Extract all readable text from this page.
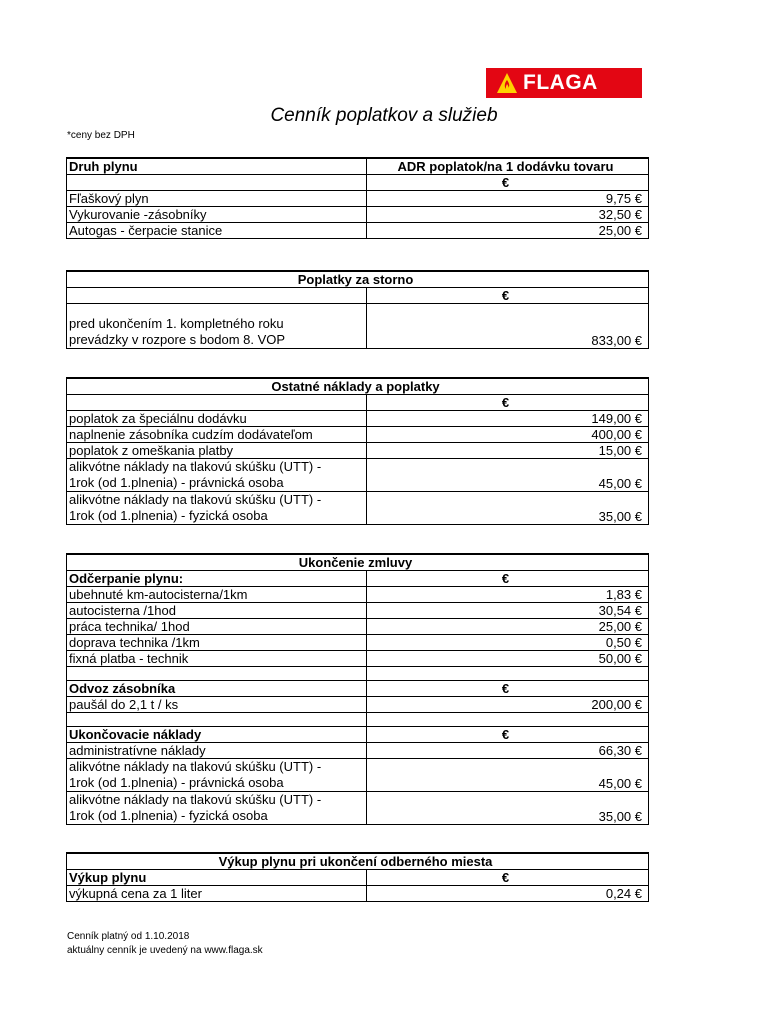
FLAGA
Cenník poplatkov a služieb
*ceny bez DPH
Druh plynu	ADR poplatok/na 1 dodávku tovaru
	€
Fľaškový plyn	9,75 €
Vykurovanie -zásobníky	32,50 €
Autogas - čerpacie stanice	25,00 €
Poplatky za storno	
	€

pred ukončením 1. kompletného roku
prevádzky v rozpore s bodom 8. VOP	833,00 €
Ostatné náklady a poplatky	
	€
poplatok za špeciálnu dodávku	149,00 €
naplnenie zásobníka cudzím dodávateľom	400,00 €
poplatok z omeškania platby	15,00 €

alikvótne náklady na tlakovú skúšku (UTT) -
1rok (od 1.plnenia) - právnická osoba	45,00 €

alikvótne náklady na tlakovú skúšku (UTT) -
1rok (od 1.plnenia) - fyzická osoba	35,00 €
Ukončenie zmluvy	
Odčerpanie plynu:	€
ubehnuté km-autocisterna/1km	1,83 €
autocisterna /1hod	30,54 €
práca technika/ 1hod	25,00 €
doprava technika /1km	0,50 €
fixná platba - technik	50,00 €

Odvoz zásobníka	€
paušál do 2,1 t / ks	200,00 €

Ukončovacie náklady	€
administratívne náklady	66,30 €

alikvótne náklady na tlakovú skúšku (UTT) -
1rok (od 1.plnenia) - právnická osoba	45,00 €

alikvótne náklady na tlakovú skúšku (UTT) -
1rok (od 1.plnenia) - fyzická osoba	35,00 €
Výkup plynu pri ukončení odberného miesta	
Výkup plynu	€
výkupná cena za 1 liter	0,24 €
Cenník platný od 1.10.2018
aktuálny cenník je uvedený na www.flaga.sk
